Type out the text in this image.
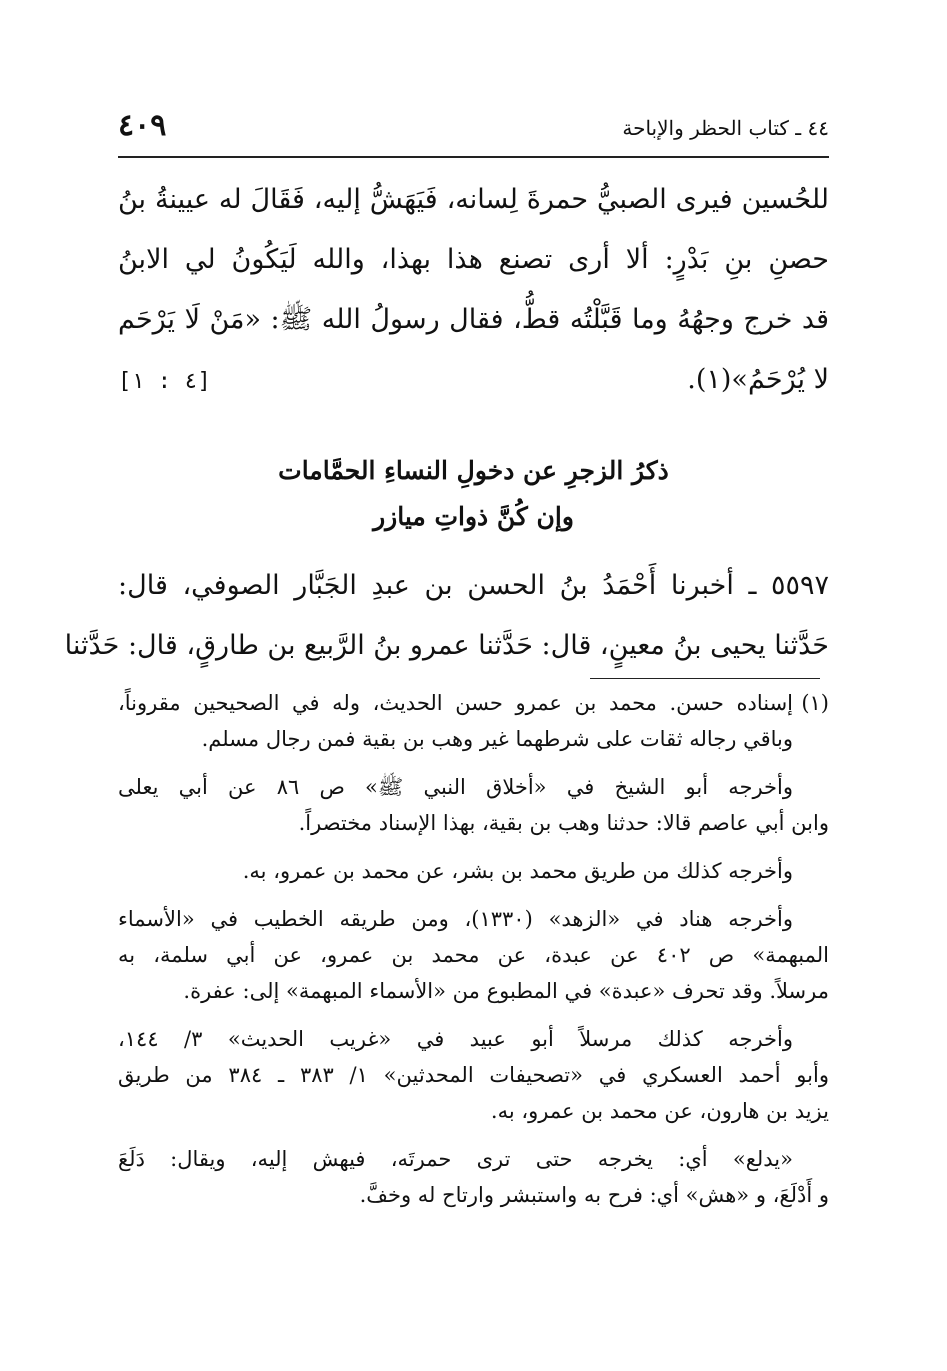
٤٠٩	٤٤ ـ كتاب الحظر والإباحة
للحُسين فيرى الصبيُّ حمرةَ لِسانه، فَيَهَشُّ إليه، فَقَالَ له عيينةُ بنُ
حصنِ بنِ بَدْرٍ: ألا أرى تصنع هذا بهذا، والله لَيَكُونُ لي الابنُ
قد خرج وجهُهُ وما قَبَّلْتُه قطُّ، فقال رسولُ الله ﷺ: «مَنْ لَا يَرْحَم
لا يُرْحَمُ»(١).
[٤ : ١]
ذكرُ الزجرِ عن دخولِ النساءِ الحمَّامات
وإن كُنَّ ذواتِ ميازر
٥٥٩٧ ـ أخبرنا أَحْمَدُ بنُ الحسن بن عبدِ الجَبَّار الصوفي، قال:
حَدَّثنا يحيى بنُ معينٍ، قال: حَدَّثنا عمرو بنُ الرَّبيع بن طارقٍ، قال: حَدَّثنا
(١)إسناده حسن. محمد بن عمرو حسن الحديث، وله في الصحيحين مقروناً،
وباقي رجاله ثقات على شرطهما غير وهب بن بقية فمن رجال مسلم.
وأخرجه أبو الشيخ في «أخلاق النبي ﷺ» ص ٨٦ عن أبي يعلى
وابن أبي عاصم قالا: حدثنا وهب بن بقية، بهذا الإسناد مختصراً.
وأخرجه كذلك من طريق محمد بن بشر، عن محمد بن عمرو، به.
وأخرجه هناد في «الزهد» (١٣٣٠)، ومن طريقه الخطيب في «الأسماء
المبهمة» ص ٤٠٢ عن عبدة، عن محمد بن عمرو، عن أبي سلمة، به
مرسلاً. وقد تحرف «عبدة» في المطبوع من «الأسماء المبهمة» إلى: عفرة.
وأخرجه كذلك مرسلاً أبو عبيد في «غريب الحديث» ٣/ ١٤٤،
وأبو أحمد العسكري في «تصحيفات المحدثين» ١/ ٣٨٣ ـ ٣٨٤ من طريق
يزيد بن هارون، عن محمد بن عمرو، به.
«يدلع» أي: يخرجه حتى ترى حمرتَه، فيهش إليه، ويقال: دَلَعَ
و أَدْلَعَ، و «هش» أي: فرح به واستبشر وارتاح له وخفَّ.
